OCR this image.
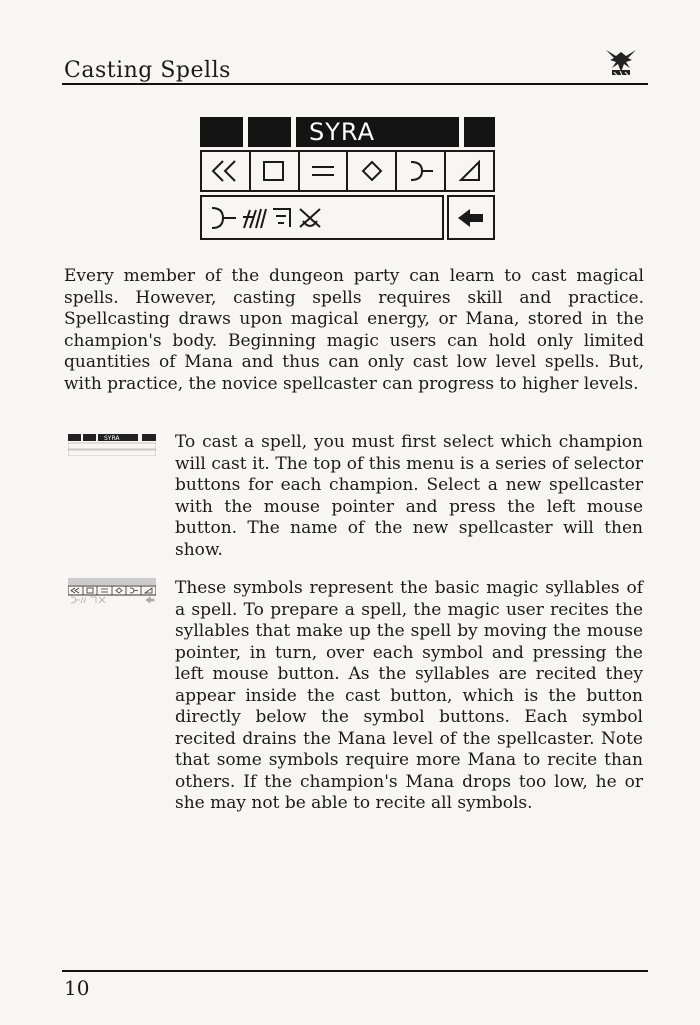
Casting Spells
SYRA

Every member of the dungeon party can learn to cast magical spells. However, casting spells requires skill and practice. Spellcasting draws upon magical energy, or Mana, stored in the champion's body. Beginning magic users can hold only limited quantities of Mana and thus can only cast low level spells. But, with practice, the novice spellcaster can progress to higher levels.

SYRA	To cast a spell, you must first select which champion will cast it. The top of this menu is a series of selector buttons for each champion. Select a new spellcaster with the mouse pointer and press the left mouse button. The name of the new spellcaster will then show.

These symbols represent the basic magic syllables of a spell. To prepare a spell, the magic user recites the syllables that make up the spell by moving the mouse pointer, in turn, over each symbol and pressing the left mouse button. As the syllables are recited they appear inside the cast button, which is the button directly below the symbol buttons. Each symbol recited drains the Mana level of the spellcaster. Note that some symbols require more Mana to recite than others. If the champion's Mana drops too low, he or she may not be able to recite all symbols.

10
